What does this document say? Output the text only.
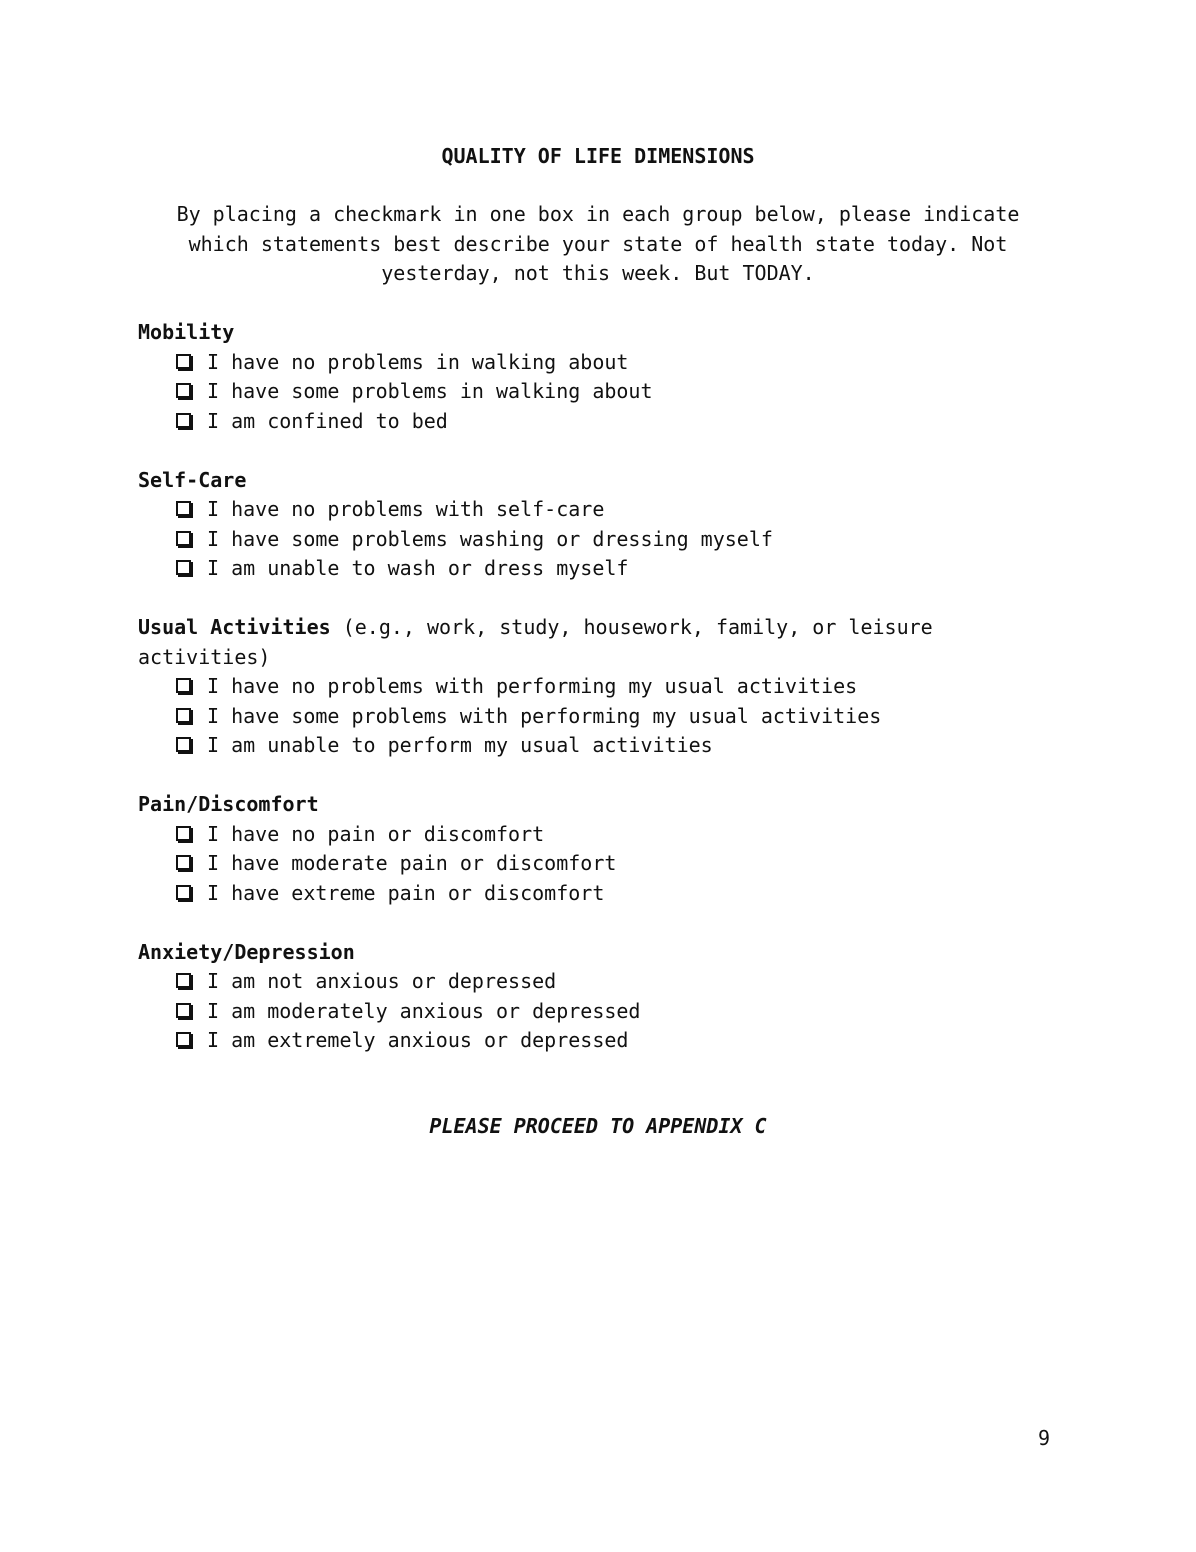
QUALITY OF LIFE DIMENSIONS
By placing a checkmark in one box in each group below, please indicate
which statements best describe your state of health state today. Not
yesterday, not this week. But TODAY.
Mobility
I have no problems in walking about
I have some problems in walking about
I am confined to bed
Self-Care
I have no problems with self-care
I have some problems washing or dressing myself
I am unable to wash or dress myself
Usual Activities (e.g., work, study, housework, family, or leisure
activities)
I have no problems with performing my usual activities
I have some problems with performing my usual activities
I am unable to perform my usual activities
Pain/Discomfort
I have no pain or discomfort
I have moderate pain or discomfort
I have extreme pain or discomfort
Anxiety/Depression
I am not anxious or depressed
I am moderately anxious or depressed
I am extremely anxious or depressed
PLEASE PROCEED TO APPENDIX C
9
